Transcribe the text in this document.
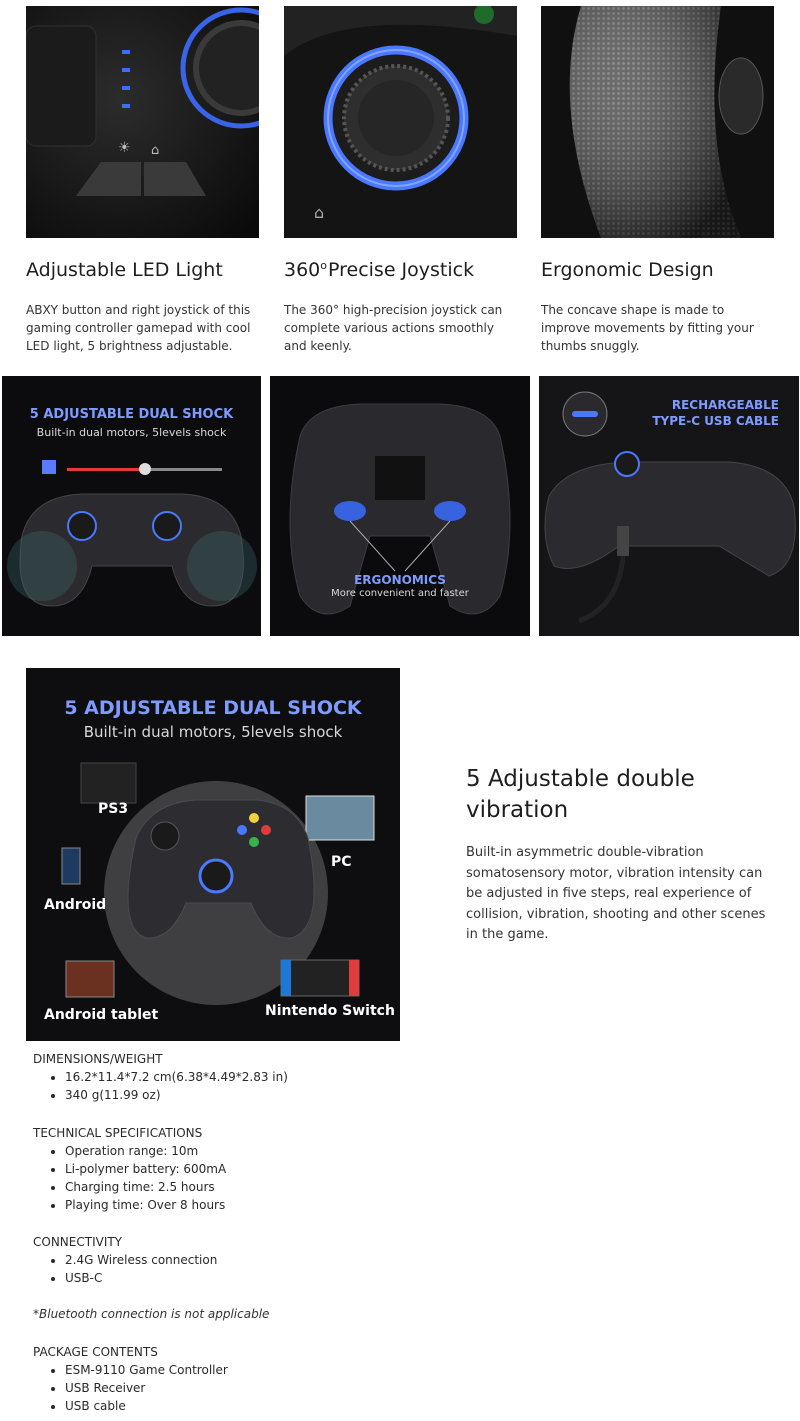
☀ ⌂
⌂
Adjustable LED Light	360$^o$Precise Joystick	Ergonomic Design
ABXY button and right joystick of this gaming controller gamepad with cool LED light, 5 brightness adjustable.
The 360° high-precision joystick can complete various actions smoothly and keenly.
The concave shape is made to improve movements by fitting your thumbs snuggly.
5 ADJUSTABLE DUAL SHOCK
Built-in dual motors, 5levels shock
ERGONOMICS
More convenient and faster
RECHARGEABLE
TYPE-C USB CABLE
5 ADJUSTABLE DUAL SHOCK
Built-in dual motors, 5levels shock
PS3
PC
Android
Android tablet	Nintendo Switch
5 Adjustable double vibration
Built-in asymmetric double-vibration somatosensory motor, vibration intensity can be adjusted in five steps, real experience of collision, vibration, shooting and other scenes in the game.

DIMENSIONS/WEIGHT

• 16.2*11.4*7.2 cm(6.38*4.49*2.83 in)
• 340 g(11.99 oz)

TECHNICAL SPECIFICATIONS

• Operation range: 10m
• Li-polymer battery: 600mA
• Charging time: 2.5 hours
• Playing time: Over 8 hours

CONNECTIVITY

• 2.4G Wireless connection
• USB-C
*Bluetooth connection is not applicable

PACKAGE CONTENTS

• ESM-9110 Game Controller
• USB Receiver
• USB cable
